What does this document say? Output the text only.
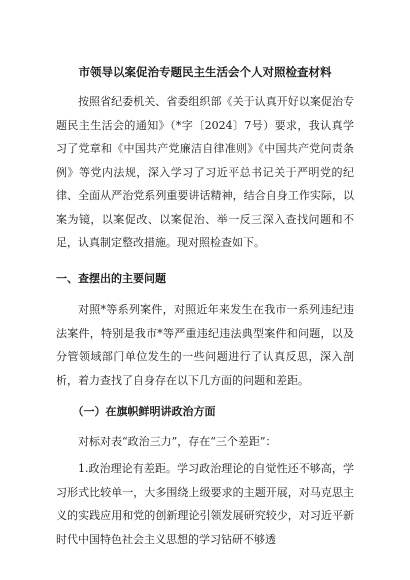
市领导以案促治专题民主生活会个人对照检查材料

按照省纪委机关、省委组织部《关于认真开好以案促治专题民主生活会的通知》（*字〔2024〕7号）要求，我认真学习了党章和《中国共产党廉洁自律准则》《中国共产党问责条例》等党内法规，深入学习了习近平总书记关于严明党的纪律、全面从严治党系列重要讲话精神，结合自身工作实际，以案为镜，以案促改、以案促治、举一反三深入查找问题和不足，认真制定整改措施。现对照检查如下。

一、查摆出的主要问题

对照*等系列案件，对照近年来发生在我市一系列违纪违法案件，特别是我市*等严重违纪违法典型案件和问题，以及分管领域部门单位发生的一些问题进行了认真反思，深入剖析，着力查找了自身存在以下几方面的问题和差距。

（一）在旗帜鲜明讲政治方面

对标对表“政治三力”，存在“三个差距”：

1.政治理论有差距。学习政治理论的自觉性还不够高，学习形式比较单一，大多围绕上级要求的主题开展，对马克思主义的实践应用和党的创新理论引领发展研究较少，对习近平新时代中国特色社会主义思想的学习钻研不够透
